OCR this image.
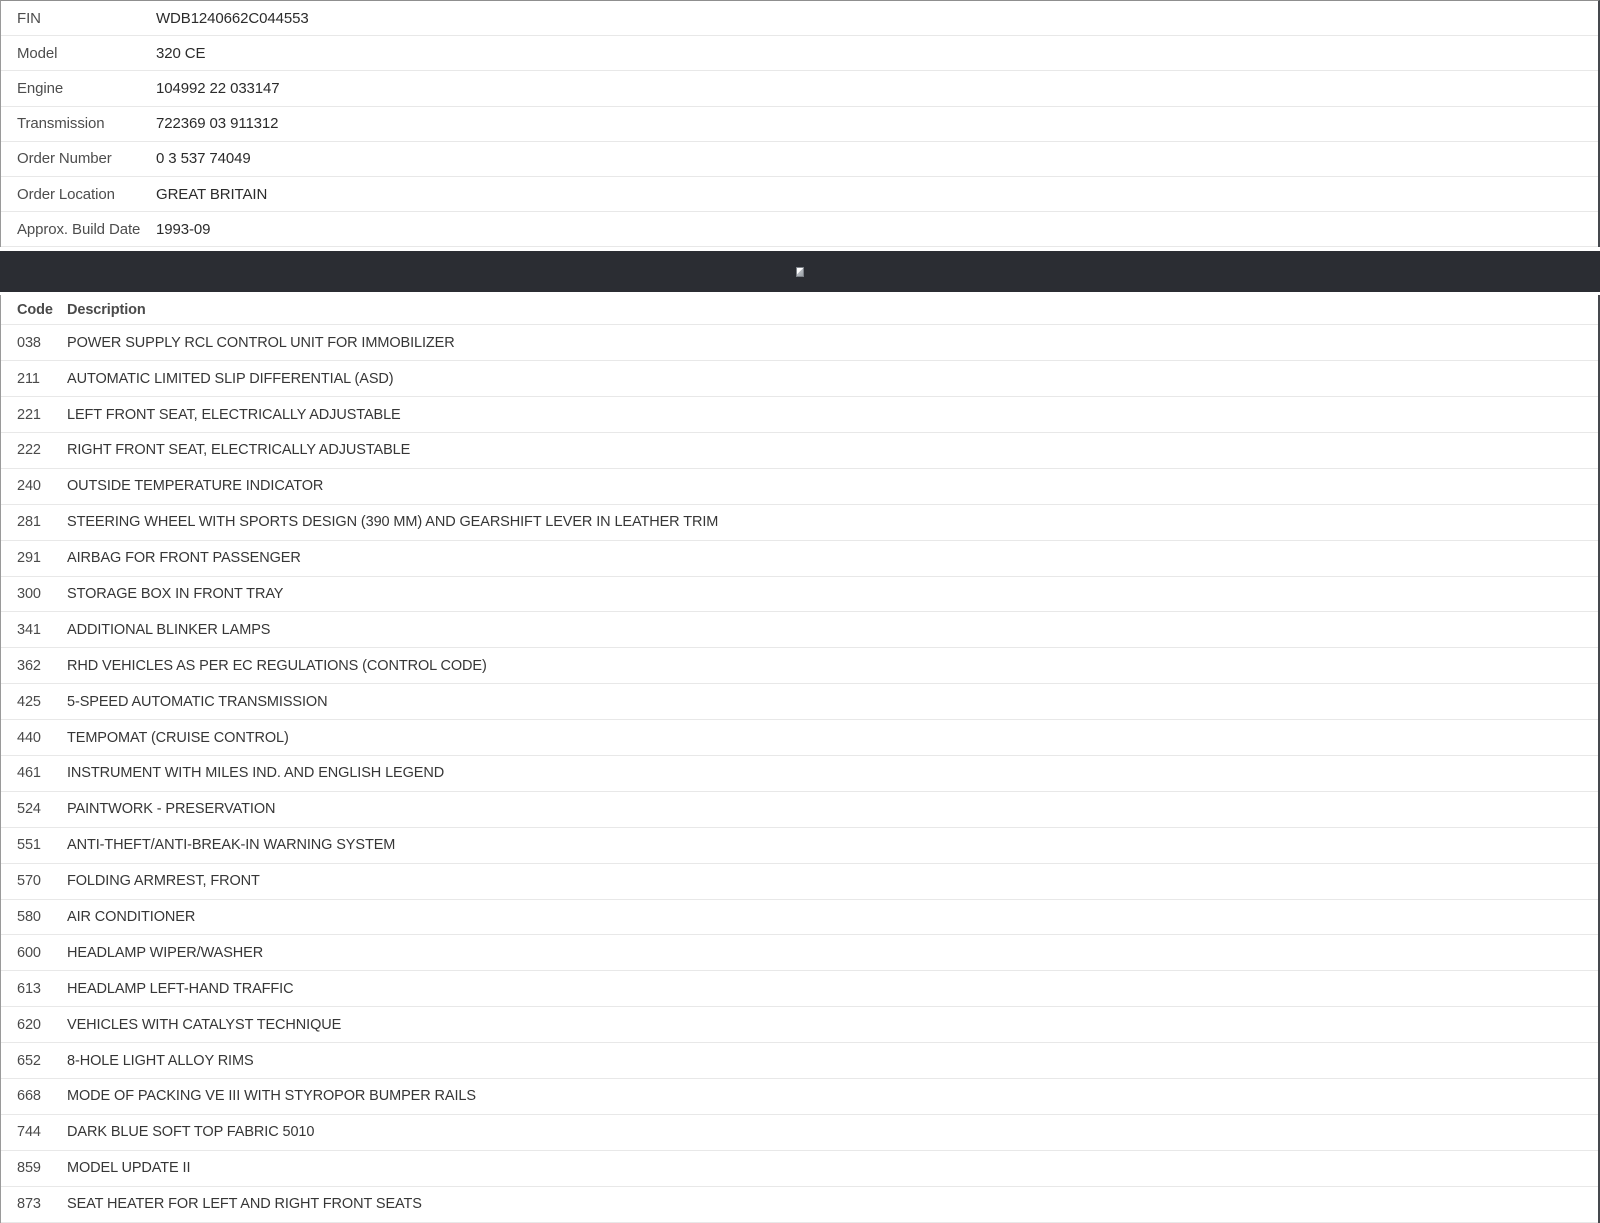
FIN	WDB1240662C044553
Model	320 CE
Engine	104992 22 033147
Transmission	722369 03 911312
Order Number	0 3 537 74049
Order Location	GREAT BRITAIN
Approx. Build Date	1993-09
Code Description
038	POWER SUPPLY RCL CONTROL UNIT FOR IMMOBILIZER
211	AUTOMATIC LIMITED SLIP DIFFERENTIAL (ASD)
221	LEFT FRONT SEAT, ELECTRICALLY ADJUSTABLE
222	RIGHT FRONT SEAT, ELECTRICALLY ADJUSTABLE
240	OUTSIDE TEMPERATURE INDICATOR
281	STEERING WHEEL WITH SPORTS DESIGN (390 MM) AND GEARSHIFT LEVER IN LEATHER TRIM
291	AIRBAG FOR FRONT PASSENGER
300	STORAGE BOX IN FRONT TRAY
341	ADDITIONAL BLINKER LAMPS
362	RHD VEHICLES AS PER EC REGULATIONS (CONTROL CODE)
425	5-SPEED AUTOMATIC TRANSMISSION
440	TEMPOMAT (CRUISE CONTROL)
461	INSTRUMENT WITH MILES IND. AND ENGLISH LEGEND
524	PAINTWORK - PRESERVATION
551	ANTI-THEFT/ANTI-BREAK-IN WARNING SYSTEM
570	FOLDING ARMREST, FRONT
580	AIR CONDITIONER
600	HEADLAMP WIPER/WASHER
613	HEADLAMP LEFT-HAND TRAFFIC
620	VEHICLES WITH CATALYST TECHNIQUE
652	8-HOLE LIGHT ALLOY RIMS
668	MODE OF PACKING VE III WITH STYROPOR BUMPER RAILS
744	DARK BLUE SOFT TOP FABRIC 5010
859	MODEL UPDATE II
873	SEAT HEATER FOR LEFT AND RIGHT FRONT SEATS
